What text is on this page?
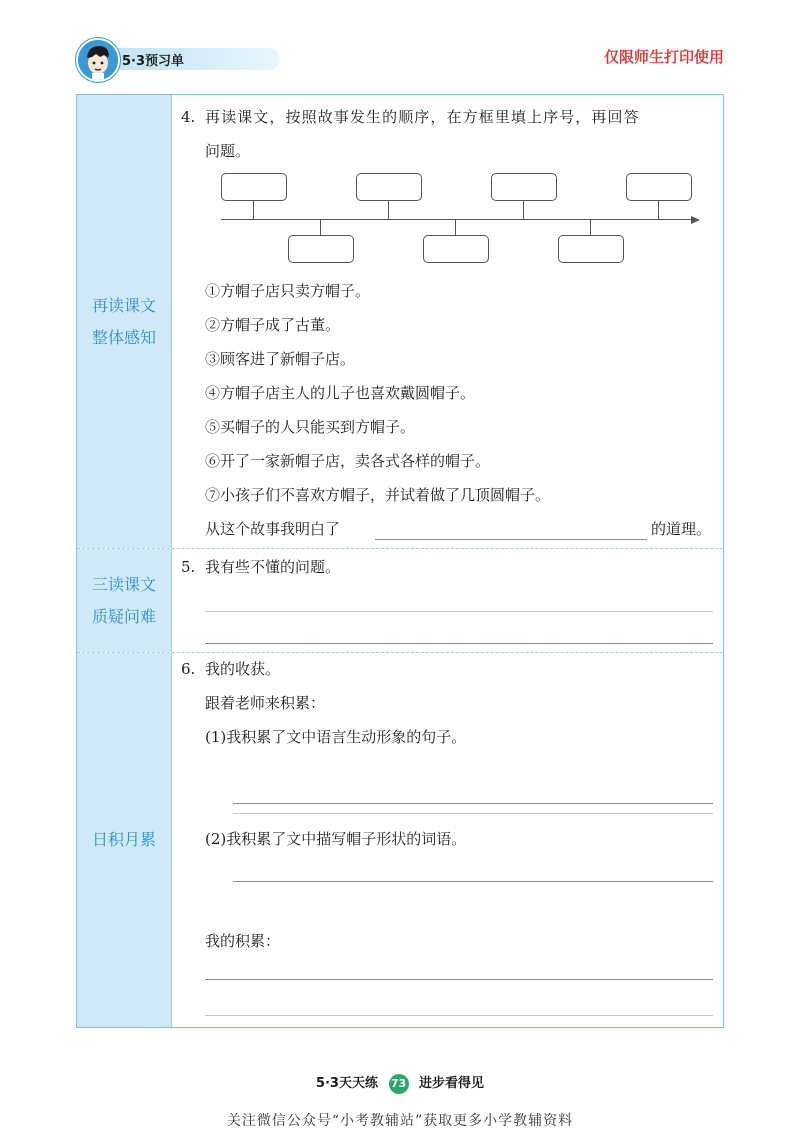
5·3预习单	仅限师生打印使用
再读课文
整体感知
4. 再读课文，按照故事发生的顺序，在方框里填上序号，再回答
问题。
①方帽子店只卖方帽子。
②方帽子成了古董。
③顾客进了新帽子店。
④方帽子店主人的儿子也喜欢戴圆帽子。
⑤买帽子的人只能买到方帽子。
⑥开了一家新帽子店，卖各式各样的帽子。
⑦小孩子们不喜欢方帽子，并试着做了几顶圆帽子。
从这个故事我明白了	的道理。
三读课文
质疑问难
5. 我有些不懂的问题。
日积月累
6. 我的收获。
跟着老师来积累：
(1)我积累了文中语言生动形象的句子。
(2)我积累了文中描写帽子形状的词语。
我的积累：
5·3天天练 73 进步看得见
关注微信公众号“小考教辅站”获取更多小学教辅资料
